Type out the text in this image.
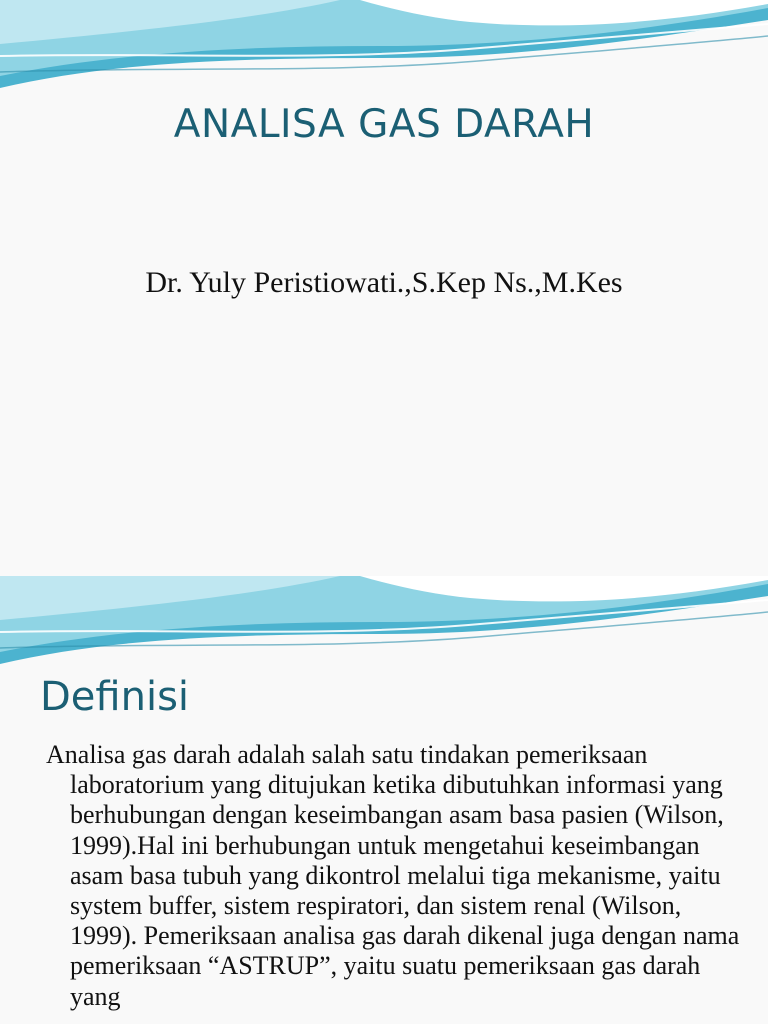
ANALISA GAS DARAH
Dr. Yuly Peristiowati.,S.Kep Ns.,M.Kes
Definisi

Analisa gas darah adalah salah satu tindakan pemeriksaan laboratorium yang ditujukan ketika dibutuhkan informasi yang berhubungan dengan keseimbangan asam basa pasien (Wilson, 1999).Hal ini berhubungan untuk mengetahui keseimbangan asam basa tubuh yang dikontrol melalui tiga mekanisme, yaitu system buffer, sistem respiratori, dan sistem renal (Wilson, 1999). Pemeriksaan analisa gas darah dikenal juga dengan nama pemeriksaan “ASTRUP”, yaitu suatu pemeriksaan gas darah yang
